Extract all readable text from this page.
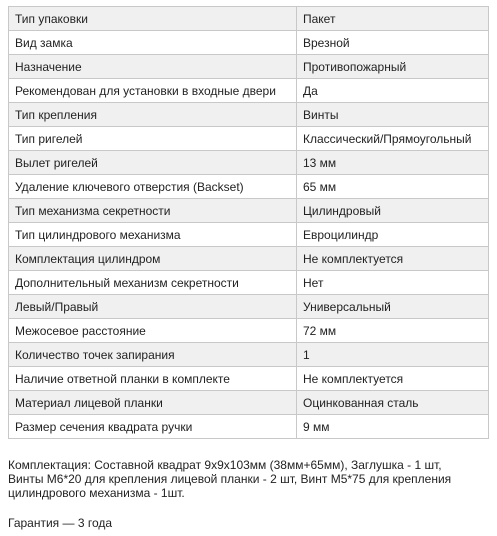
Тип упаковки	Пакет
Вид замка	Врезной
Назначение	Противопожарный
Рекомендован для установки в входные двери	Да
Тип крепления	Винты
Тип ригелей	Классический/Прямоугольный
Вылет ригелей	13 мм
Удаление ключевого отверстия (Backset)	65 мм
Тип механизма секретности	Цилиндровый
Тип цилиндрового механизма	Евроцилиндр
Комплектация цилиндром	Не комплектуется
Дополнительный механизм секретности	Нет
Левый/Правый	Универсальный
Межосевое расстояние	72 мм
Количество точек запирания	1
Наличие ответной планки в комплекте	Не комплектуется
Материал лицевой планки	Оцинкованная сталь
Размер сечения квадрата ручки	9 мм

Комплектация: Составной квадрат 9х9х103мм (38мм+65мм), Заглушка - 1 шт,
Винты М6*20 для крепления лицевой планки - 2 шт, Винт М5*75 для крепления
цилиндрового механизма - 1шт.

Гарантия — 3 года
